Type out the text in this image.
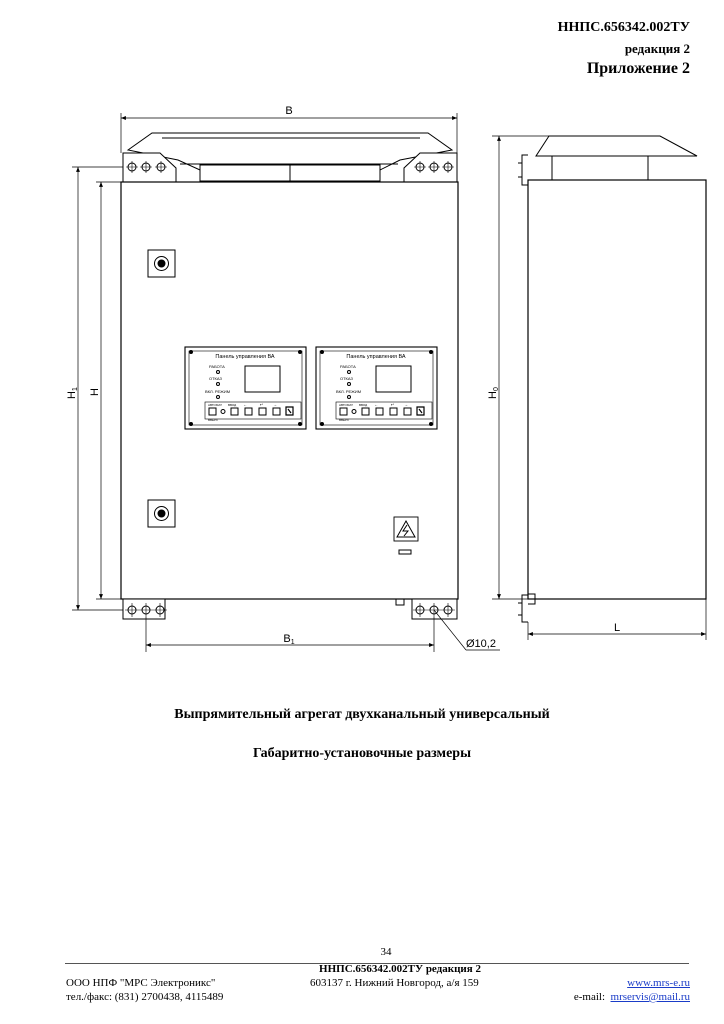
ННПС.656342.002ТУ
редакция 2
Приложение 2
Панель управления ВА
РАБОТА
ОТКАЗ
ВКЛ. РЕЖИМ
АВТОМАТ ВВОД ←	↵ →
ВВЕРХ
Панель управления ВА
РАБОТА
ОТКАЗ
ВКЛ. РЕЖИМ
АВТОМАТ ВВОД ←	↵ →
ВВЕРХ
B
H1 H
B1	Ø10,2
H0
L
Выпрямительный агрегат двухканальный универсальный
Габаритно-установочные размеры
34
ННПС.656342.002ТУ редакция 2
ООО НПФ "МРС Электроникс"	603137 г. Нижний Новгород, а/я 159	www.mrs-e.ru
тел./факс: (831) 2700438, 4115489	e-mail: mrservis@mail.ru
